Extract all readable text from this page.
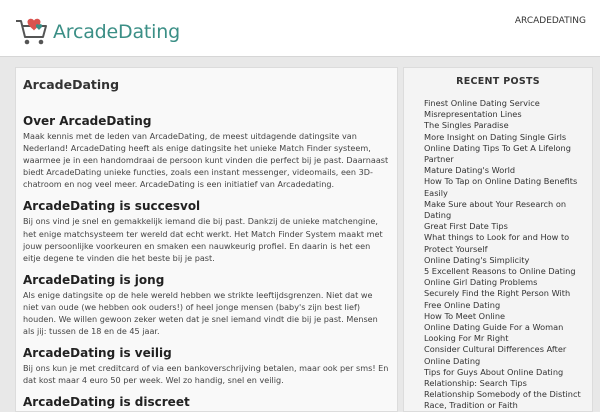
ArcadeDating	ARCADEDATING
ArcadeDating
Over ArcadeDating

Maak kennis met de leden van ArcadeDating, de meest uitdagende datingsite van Nederland! ArcadeDating heeft als enige datingsite het unieke Match Finder systeem, waarmee je in een handomdraai de persoon kunt vinden die perfect bij je past. Daarnaast biedt ArcadeDating unieke functies, zoals een instant messenger, videomails, een 3D-chatroom en nog veel meer. ArcadeDating is een initiatief van Arcadedating.

ArcadeDating is succesvol

Bij ons vind je snel en gemakkelijk iemand die bij past. Dankzij de unieke matchengine, het enige matchsysteem ter wereld dat echt werkt. Het Match Finder System maakt met jouw persoonlijke voorkeuren en smaken een nauwkeurig profiel. En daarin is het een eitje degene te vinden die het beste bij je past.

ArcadeDating is jong

Als enige datingsite op de hele wereld hebben we strikte leeftijdsgrenzen. Niet dat we niet van oude (we hebben ook ouders!) of heel jonge mensen (baby's zijn best lief) houden. We willen gewoon zeker weten dat je snel iemand vindt die bij je past. Mensen als jij: tussen de 18 en de 45 jaar.

ArcadeDating is veilig

Bij ons kun je met creditcard of via een bankoverschrijving betalen, maar ook per sms! En dat kost maar 4 euro 50 per week. Wel zo handig, snel en veilig.

ArcadeDating is discreet
RECENT POSTS
Finest Online Dating Service
Misrepresentation Lines
The Singles Paradise
More Insight on Dating Single Girls
Online Dating Tips To Get A Lifelong Partner
Mature Dating's World
How To Tap on Online Dating Benefits Easily
Make Sure about Your Research on Dating
Great First Date Tips
What things to Look for and How to Protect Yourself
Online Dating's Simplicity
5 Excellent Reasons to Online Dating
Online Girl Dating Problems
Securely Find the Right Person With Free Online Dating
How To Meet Online
Online Dating Guide For a Woman Looking For Mr Right
Consider Cultural Differences After Online Dating
Tips for Guys About Online Dating Relationship: Search Tips
Relationship Somebody of the Distinct Race, Tradition or Faith
